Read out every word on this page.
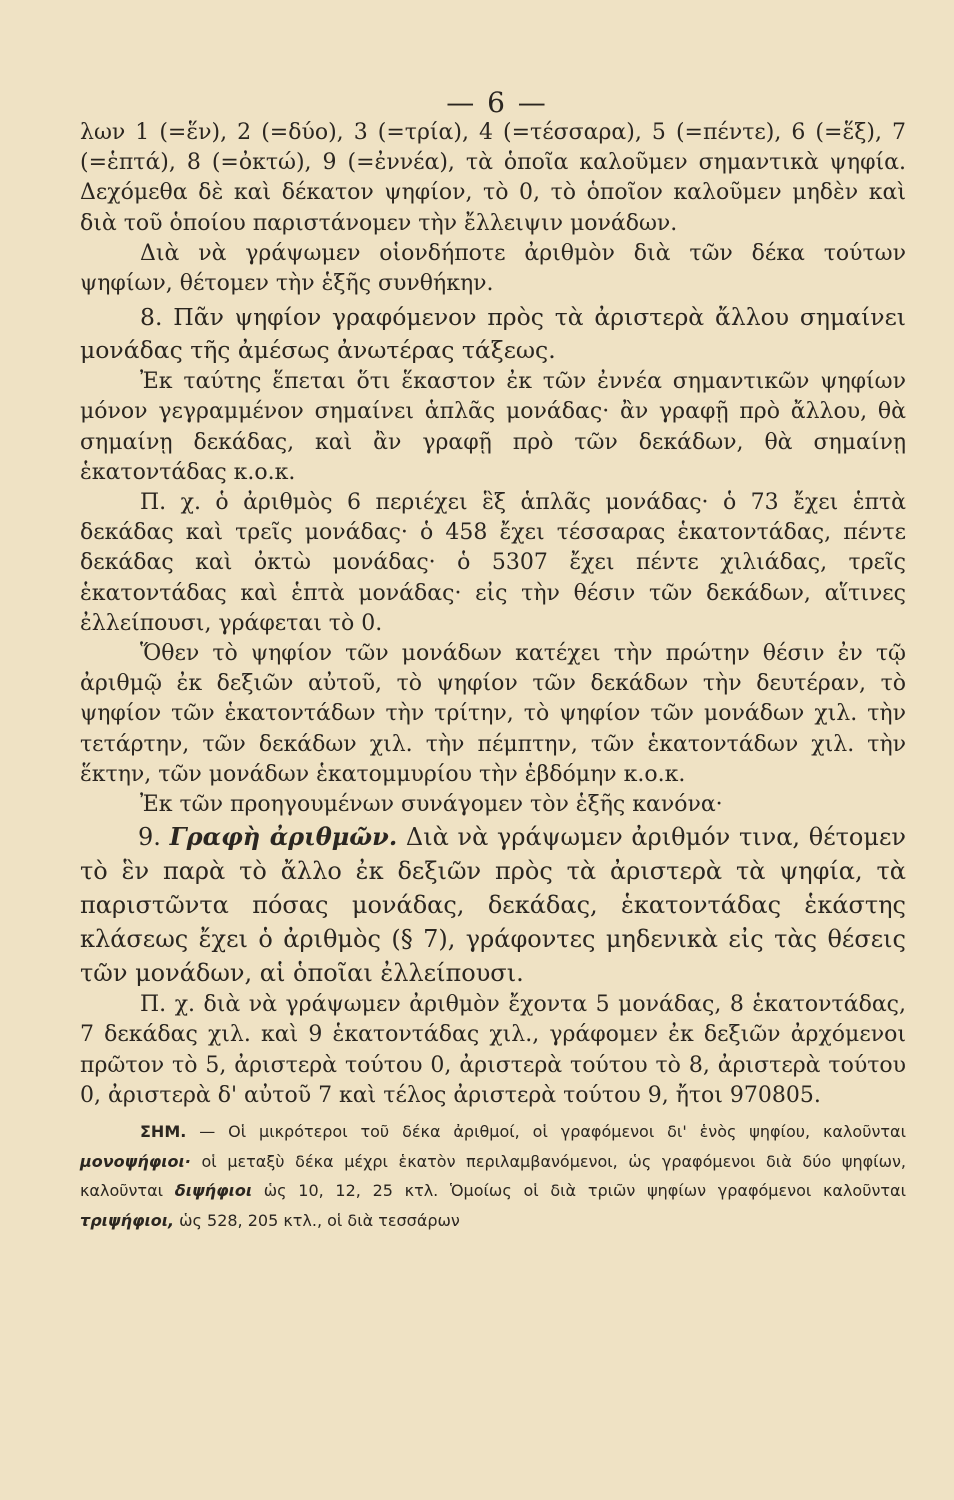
— 6 —

λων 1 (=ἕν), 2 (=δύο), 3 (=τρία), 4 (=τέσσαρα), 5 (=πέντε), 6 (=ἕξ), 7 (=ἑπτά), 8 (=ὀκτώ), 9 (=ἐννέα), τὰ ὁποῖα καλοῦμεν σημαντικὰ ψηφία. Δεχόμεθα δὲ καὶ δέκατον ψηφίον, τὸ 0, τὸ ὁποῖον καλοῦμεν μηδὲν καὶ διὰ τοῦ ὁποίου παριστάνομεν τὴν ἔλλειψιν μονάδων.

Διὰ νὰ γράψωμεν οἱονδήποτε ἀριθμὸν διὰ τῶν δέκα τούτων ψηφίων, θέτομεν τὴν ἑξῆς συνθήκην.

8. Πᾶν ψηφίον γραφόμενον πρὸς τὰ ἀριστερὰ ἄλλου σημαίνει μονάδας τῆς ἀμέσως ἀνωτέρας τάξεως.

Ἐκ ταύτης ἕπεται ὅτι ἕκαστον ἐκ τῶν ἐννέα σημαντικῶν ψηφίων μόνον γεγραμμένον σημαίνει ἁπλᾶς μονάδας· ἂν γραφῇ πρὸ ἄλλου, θὰ σημαίνῃ δεκάδας, καὶ ἂν γραφῇ πρὸ τῶν δεκάδων, θὰ σημαίνῃ ἑκατοντάδας κ.ο.κ.

Π. χ. ὁ ἀριθμὸς 6 περιέχει ἓξ ἁπλᾶς μονάδας· ὁ 73 ἔχει ἑπτὰ δεκάδας καὶ τρεῖς μονάδας· ὁ 458 ἔχει τέσσαρας ἑκατοντάδας, πέντε δεκάδας καὶ ὀκτὼ μονάδας· ὁ 5307 ἔχει πέντε χιλιάδας, τρεῖς ἑκατοντάδας καὶ ἑπτὰ μονάδας· εἰς τὴν θέσιν τῶν δεκάδων, αἵτινες ἐλλείπουσι, γράφεται τὸ 0.

Ὅθεν τὸ ψηφίον τῶν μονάδων κατέχει τὴν πρώτην θέσιν ἐν τῷ ἀριθμῷ ἐκ δεξιῶν αὐτοῦ, τὸ ψηφίον τῶν δεκάδων τὴν δευτέραν, τὸ ψηφίον τῶν ἑκατοντάδων τὴν τρίτην, τὸ ψηφίον τῶν μονάδων χιλ. τὴν τετάρτην, τῶν δεκάδων χιλ. τὴν πέμπτην, τῶν ἑκατοντάδων χιλ. τὴν ἕκτην, τῶν μονάδων ἑκατομμυρίου τὴν ἑβδόμην κ.ο.κ.

Ἐκ τῶν προηγουμένων συνάγομεν τὸν ἑξῆς κανόνα·

9. Γραφὴ ἀριθμῶν. Διὰ νὰ γράψωμεν ἀριθμόν τινα, θέτομεν τὸ ἓν παρὰ τὸ ἄλλο ἐκ δεξιῶν πρὸς τὰ ἀριστερὰ τὰ ψηφία, τὰ παριστῶντα πόσας μονάδας, δεκάδας, ἑκατοντάδας ἑκάστης κλάσεως ἔχει ὁ ἀριθμὸς (§ 7), γράφοντες μηδενικὰ εἰς τὰς θέσεις τῶν μονάδων, αἱ ὁποῖαι ἐλλείπουσι.

Π. χ. διὰ νὰ γράψωμεν ἀριθμὸν ἔχοντα 5 μονάδας, 8 ἑκατοντάδας, 7 δεκάδας χιλ. καὶ 9 ἑκατοντάδας χιλ., γράφομεν ἐκ δεξιῶν ἀρχόμενοι πρῶτον τὸ 5, ἀριστερὰ τούτου 0, ἀριστερὰ τούτου τὸ 8, ἀριστερὰ τούτου 0, ἀριστερὰ δ' αὐτοῦ 7 καὶ τέλος ἀριστερὰ τούτου 9, ἤτοι 970805.

ΣΗΜ. — Οἱ μικρότεροι τοῦ δέκα ἀριθμοί, οἱ γραφόμενοι δι' ἑνὸς ψηφίου, καλοῦνται μονοψήφιοι· οἱ μεταξὺ δέκα μέχρι ἑκατὸν περιλαμβανόμενοι, ὡς γραφόμενοι διὰ δύο ψηφίων, καλοῦνται διψήφιοι ὡς 10, 12, 25 κτλ. Ὁμοίως οἱ διὰ τριῶν ψηφίων γραφόμενοι καλοῦνται τριψήφιοι, ὡς 528, 205 κτλ., οἱ διὰ τεσσάρων
